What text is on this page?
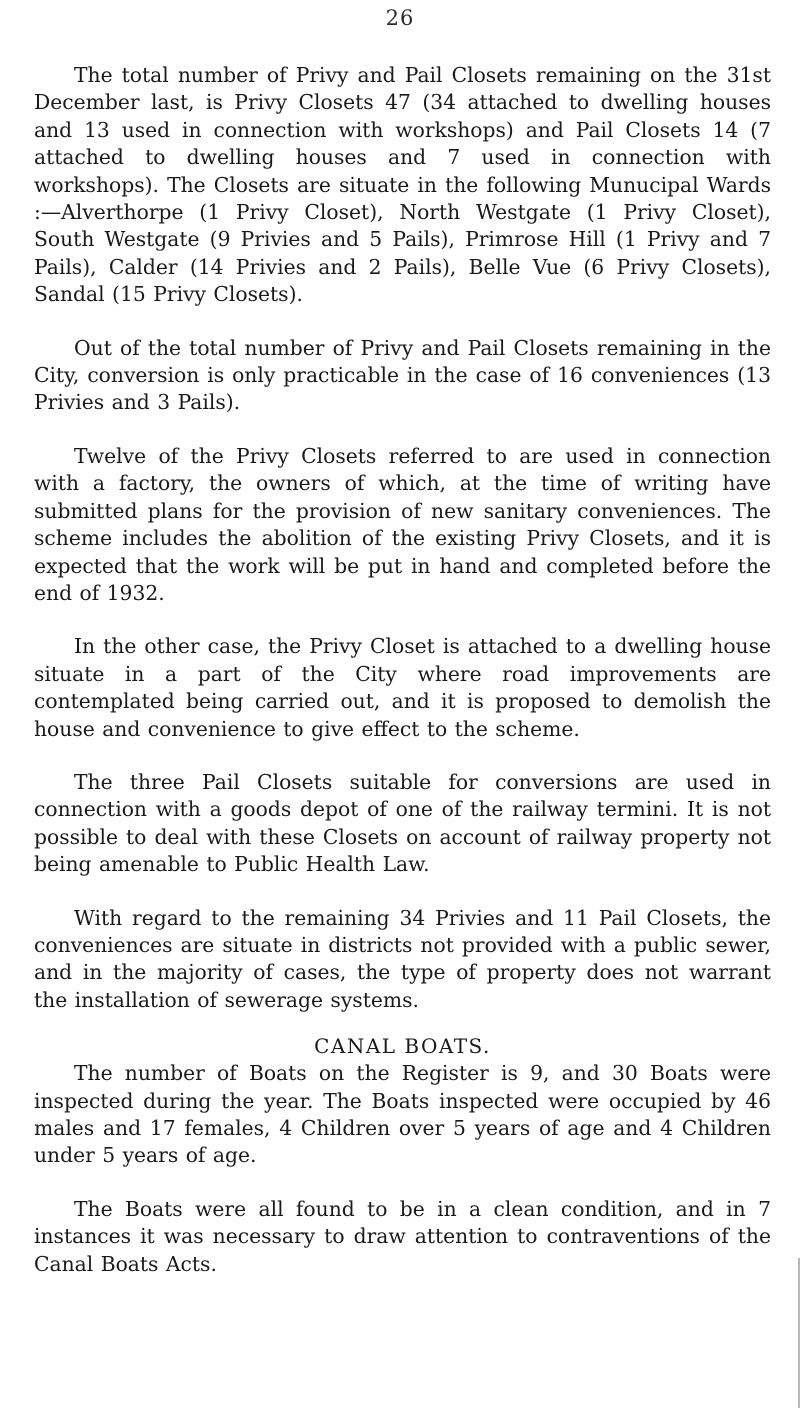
26

The total number of Privy and Pail Closets remaining on the 31st December last, is Privy Closets 47 (34 attached to dwelling houses and 13 used in connection with workshops) and Pail Closets 14 (7 attached to dwelling houses and 7 used in connection with workshops). The Closets are situate in the following Munucipal Wards :—Alverthorpe (1 Privy Closet), North Westgate (1 Privy Closet), South Westgate (9 Privies and 5 Pails), Primrose Hill (1 Privy and 7 Pails), Calder (14 Privies and 2 Pails), Belle Vue (6 Privy Closets), Sandal (15 Privy Closets).

Out of the total number of Privy and Pail Closets remaining in the City, conversion is only practicable in the case of 16 conveniences (13 Privies and 3 Pails).

Twelve of the Privy Closets referred to are used in connection with a factory, the owners of which, at the time of writing have submitted plans for the provision of new sanitary conveniences. The scheme includes the abolition of the existing Privy Closets, and it is expected that the work will be put in hand and completed before the end of 1932.

In the other case, the Privy Closet is attached to a dwelling house situate in a part of the City where road improvements are contemplated being carried out, and it is proposed to demolish the house and convenience to give effect to the scheme.

The three Pail Closets suitable for conversions are used in connection with a goods depot of one of the railway termini. It is not possible to deal with these Closets on account of railway property not being amenable to Public Health Law.

With regard to the remaining 34 Privies and 11 Pail Closets, the conveniences are situate in districts not provided with a public sewer, and in the majority of cases, the type of property does not warrant the installation of sewerage systems.

CANAL BOATS.

The number of Boats on the Register is 9, and 30 Boats were inspected during the year. The Boats inspected were occupied by 46 males and 17 females, 4 Children over 5 years of age and 4 Children under 5 years of age.

The Boats were all found to be in a clean condition, and in 7 instances it was necessary to draw attention to contraventions of the Canal Boats Acts.
